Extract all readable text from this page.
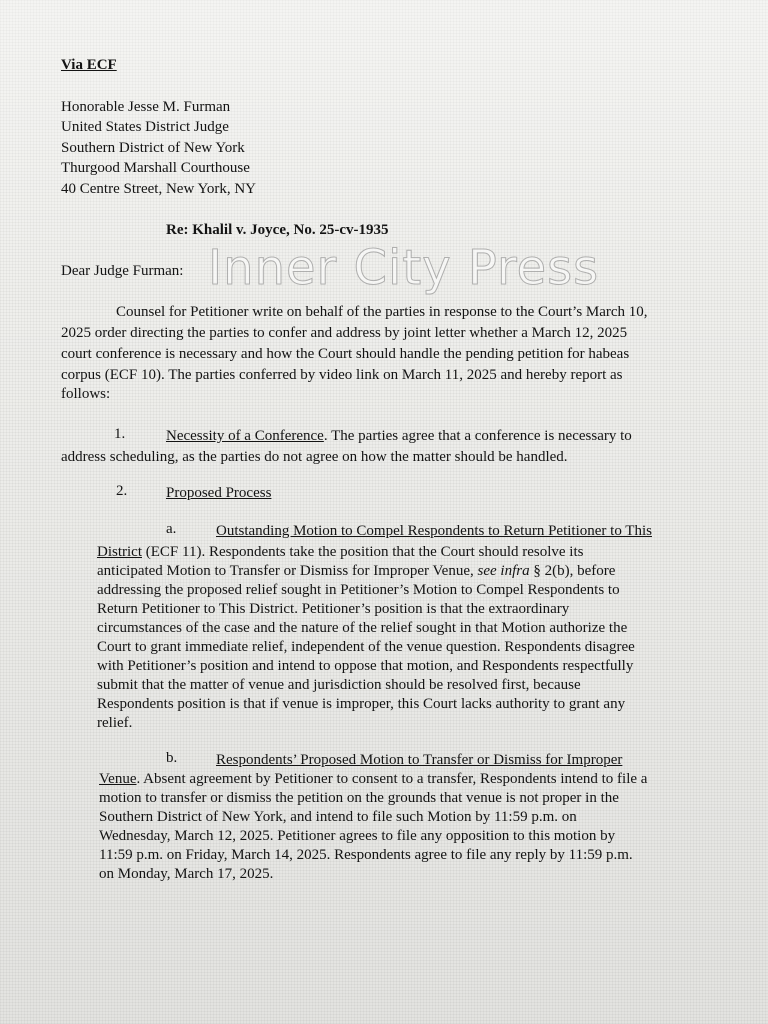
Via ECF
Honorable Jesse M. Furman
United States District Judge
Southern District of New York
Thurgood Marshall Courthouse
40 Centre Street, New York, NY
Re: Khalil v. Joyce, No. 25-cv-1935
Dear Judge Furman: Inner City Press
Counsel for Petitioner write on behalf of the parties in response to the Court’s March 10,
2025 order directing the parties to confer and address by joint letter whether a March 12, 2025
court conference is necessary and how the Court should handle the pending petition for habeas
corpus (ECF 10). The parties conferred by video link on March 11, 2025 and hereby report as
follows:
1.	Necessity of a Conference. The parties agree that a conference is necessary to
address scheduling, as the parties do not agree on how the matter should be handled.
2.	Proposed Process
a.	Outstanding Motion to Compel Respondents to Return Petitioner to This
District (ECF 11). Respondents take the position that the Court should resolve its
anticipated Motion to Transfer or Dismiss for Improper Venue, see infra § 2(b), before
addressing the proposed relief sought in Petitioner’s Motion to Compel Respondents to
Return Petitioner to This District. Petitioner’s position is that the extraordinary
circumstances of the case and the nature of the relief sought in that Motion authorize the
Court to grant immediate relief, independent of the venue question. Respondents disagree
with Petitioner’s position and intend to oppose that motion, and Respondents respectfully
submit that the matter of venue and jurisdiction should be resolved first, because
Respondents position is that if venue is improper, this Court lacks authority to grant any
relief.
b.	Respondents’ Proposed Motion to Transfer or Dismiss for Improper
Venue. Absent agreement by Petitioner to consent to a transfer, Respondents intend to file a
motion to transfer or dismiss the petition on the grounds that venue is not proper in the
Southern District of New York, and intend to file such Motion by 11:59 p.m. on
Wednesday, March 12, 2025. Petitioner agrees to file any opposition to this motion by
11:59 p.m. on Friday, March 14, 2025. Respondents agree to file any reply by 11:59 p.m.
on Monday, March 17, 2025.
